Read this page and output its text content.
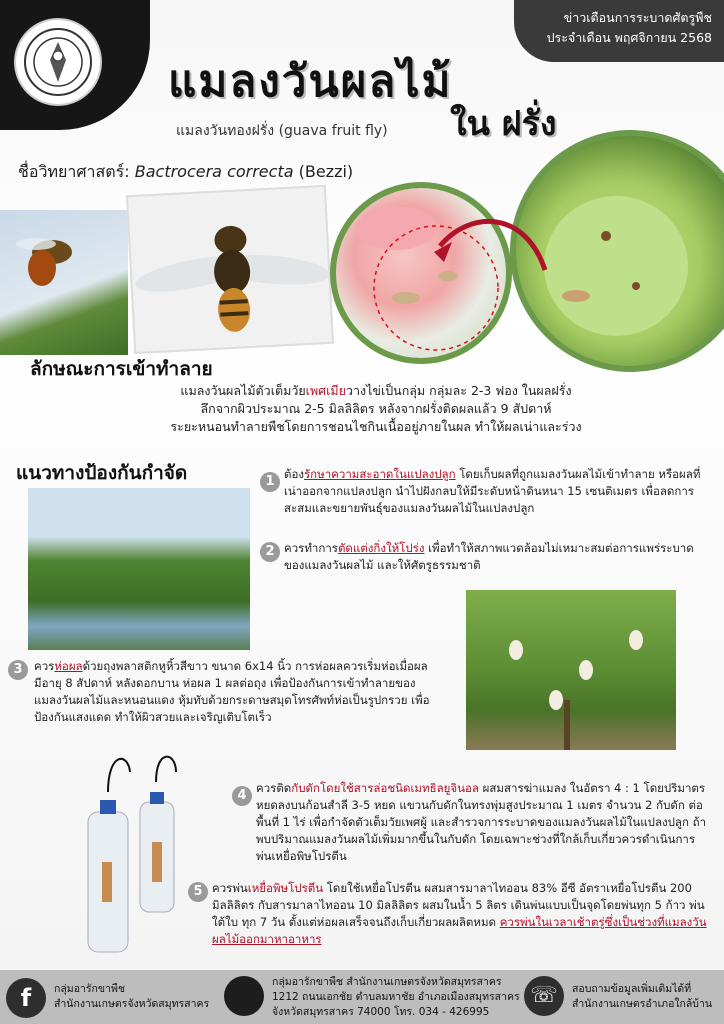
ข่าวเตือนการระบาดศัตรูพืช
ประจำเดือน พฤศจิกายน 2568
แมลงวันผลไม้
ใน ฝรั่ง
แมลงวันทองฝรั่ง (guava fruit fly)
ชื่อวิทยาศาสตร์: Bactrocera correcta (Bezzi)
ลักษณะการเข้าทำลาย
แมลงวันผลไม้ตัวเต็มวัยเพศเมียวางไข่เป็นกลุ่ม กลุ่มละ 2-3 ฟอง ในผลฝรั่ง
ลึกจากผิวประมาณ 2-5 มิลลิลิตร หลังจากฝรั่งติดผลแล้ว 9 สัปดาห์
ระยะหนอนทำลายพืชโดยการชอนไชกินเนื้ออยู่ภายในผล ทำให้ผลเน่าและร่วง
แนวทางป้องกันกำจัด	1 ต้องรักษาความสะอาดในแปลงปลูก โดยเก็บผลที่ถูกแมลงวันผลไม้เข้าทำลาย หรือผลที่เน่าออกจากแปลงปลูก นำไปฝังกลบให้มีระดับหน้าดินหนา 15 เซนติเมตร เพื่อลดการสะสมและขยายพันธุ์ของแมลงวันผลไม้ในแปลงปลูก
2 ควรทำการตัดแต่งกิ่งให้โปร่ง เพื่อทำให้สภาพแวดล้อมไม่เหมาะสมต่อการแพร่ระบาดของแมลงวันผลไม้ และให้ศัตรูธรรมชาติ
3 ควรห่อผลด้วยถุงพลาสติกหูหิ้วสีขาว ขนาด 6x14 นิ้ว การห่อผลควรเริ่มห่อเมื่อผลมีอายุ 8 สัปดาห์ หลังดอกบาน ห่อผล 1 ผลต่อถุง เพื่อป้องกันการเข้าทำลายของแมลงวันผลไม้และหนอนแดง หุ้มทับด้วยกระดาษสมุดโทรศัพท์ห่อเป็นรูปกรวย เพื่อป้องกันแสงแดด ทำให้ผิวสวยและเจริญเติบโตเร็ว
4 ควรติดกับดักโดยใช้สารล่อชนิดเมทธิลยูจินอล ผสมสารฆ่าแมลง ในอัตรา 4 : 1 โดยปริมาตร หยดลงบนก้อนสำลี 3-5 หยด แขวนกับดักในทรงพุ่มสูงประมาณ 1 เมตร จำนวน 2 กับดัก ต่อพื้นที่ 1 ไร่ เพื่อกำจัดตัวเต็มวัยเพศผู้ และสำรวจการระบาดของแมลงวันผลไม้ในแปลงปลูก ถ้าพบปริมาณแมลงวันผลไม้เพิ่มมากขึ้นในกับดัก โดยเฉพาะช่วงที่ใกล้เก็บเกี่ยวควรดำเนินการพ่นเหยื่อพิษโปรตีน
5 ควรพ่นเหยื่อพิษโปรตีน โดยใช้เหยื่อโปรตีน ผสมสารมาลาไทออน 83% อีซี อัตราเหยื่อโปรตีน 200 มิลลิลิตร กับสารมาลาไทออน 10 มิลลิลิตร ผสมในน้ำ 5 ลิตร เดินพ่นแบบเป็นจุดโดยพ่นทุก 5 ก้าว พ่นใต้ใบ ทุก 7 วัน ตั้งแต่ห่อผลเสร็จจนถึงเก็บเกี่ยวผลผลิตหมด ควรพ่นในเวลาเช้าตรู่ซึ่งเป็นช่วงที่แมลงวันผลไม้ออกมาหาอาหาร
f	กลุ่มอารักขาพืช
สำนักงานเกษตรจังหวัดสมุทรสาคร
กลุ่มอารักขาพืช สำนักงานเกษตรจังหวัดสมุทรสาคร
1212 ถนนเอกชัย ตำบลมหาชัย อำเภอเมืองสมุทรสาคร
จังหวัดสมุทรสาคร 74000 โทร. 034 - 426995
☏	สอบถามข้อมูลเพิ่มเติมได้ที่
สำนักงานเกษตรอำเภอใกล้บ้าน
